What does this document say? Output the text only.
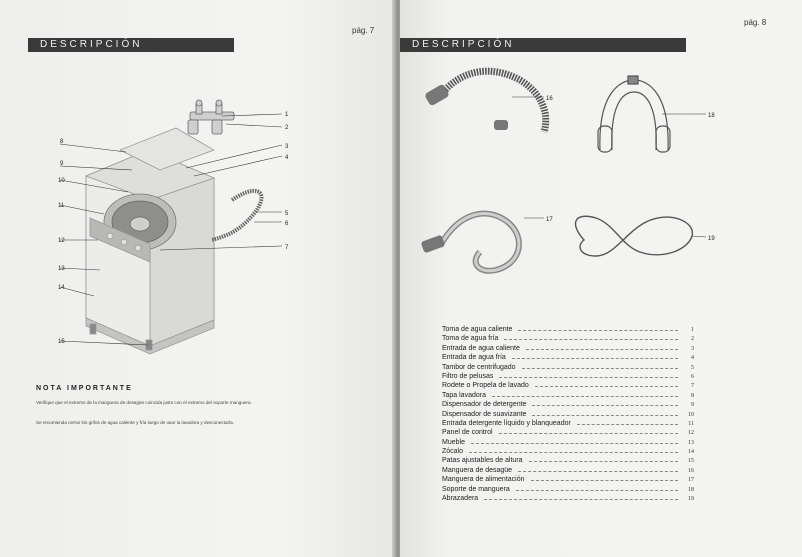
pág. 7
DESCRIPCIÓN
1
2
3
4
5
6
7
8
9
10
11
12
13
14
15
NOTA IMPORTANTE
Verifique que el extremo de la manguera de desagüe coincida justo con el extremo del soporte manguera.
Se recomienda cerrar los grifos de agua caliente y fría luego de usar la lavadora y desconectarla.
pág. 8
DESCRIPCIÓN
16
17
18
19
Toma de agua caliente	1
Toma de agua fría	2
Entrada de agua caliente	3
Entrada de agua fría	4
Tambor de centrifugado	5
Filtro de pelusas	6
Rodete o Propela de lavado	7
Tapa lavadora	8
Dispensador de detergente	9
Dispensador de suavizante	10
Entrada detergente líquido y blanqueador	11
Panel de control	12
Mueble	13
Zócalo	14
Patas ajustables de altura	15
Manguera de desagüe	16
Manguera de alimentación	17
Soporte de manguera	18
Abrazadera	19
